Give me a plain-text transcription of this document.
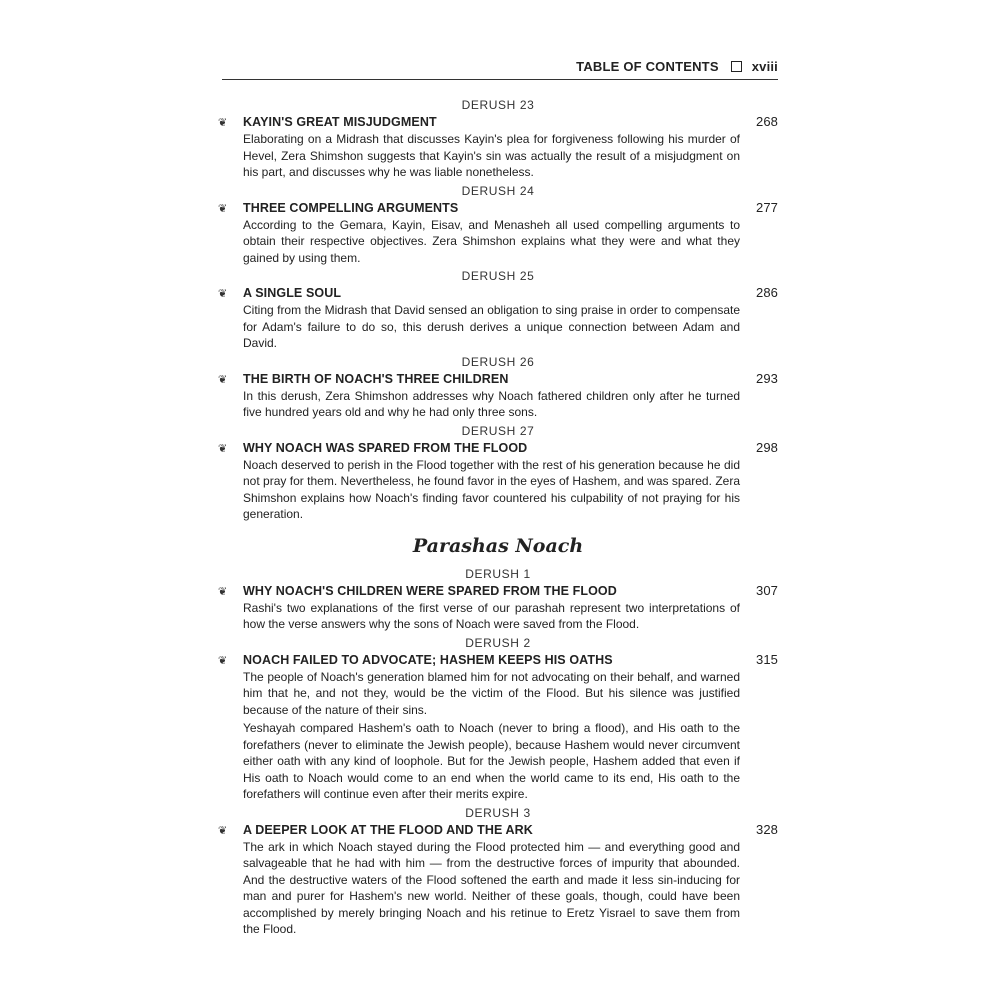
TABLE OF CONTENTS	xviii
DERUSH 23
❦	KAYIN'S GREAT MISJUDGMENT	268
Elaborating on a Midrash that discusses Kayin's plea for forgiveness following his murder of Hevel, Zera Shimshon suggests that Kayin's sin was actually the result of a misjudgment on his part, and discusses why he was liable nonetheless.
DERUSH 24
❦	THREE COMPELLING ARGUMENTS	277
According to the Gemara, Kayin, Eisav, and Menasheh all used compelling arguments to obtain their respective objectives. Zera Shimshon explains what they were and what they gained by using them.
DERUSH 25
❦	A SINGLE SOUL	286
Citing from the Midrash that David sensed an obligation to sing praise in order to compensate for Adam's failure to do so, this derush derives a unique connection between Adam and David.
DERUSH 26
❦	THE BIRTH OF NOACH'S THREE CHILDREN	293
In this derush, Zera Shimshon addresses why Noach fathered children only after he turned five hundred years old and why he had only three sons.
DERUSH 27
❦	WHY NOACH WAS SPARED FROM THE FLOOD	298
Noach deserved to perish in the Flood together with the rest of his generation because he did not pray for them. Nevertheless, he found favor in the eyes of Hashem, and was spared. Zera Shimshon explains how Noach's finding favor countered his culpability of not praying for his generation.
Parashas Noach
DERUSH 1
❦	WHY NOACH'S CHILDREN WERE SPARED FROM THE FLOOD	307
Rashi's two explanations of the first verse of our parashah represent two interpretations of how the verse answers why the sons of Noach were saved from the Flood.
DERUSH 2
❦	NOACH FAILED TO ADVOCATE; HASHEM KEEPS HIS OATHS	315
The people of Noach's generation blamed him for not advocating on their behalf, and warned him that he, and not they, would be the victim of the Flood. But his silence was justified because of the nature of their sins.
Yeshayah compared Hashem's oath to Noach (never to bring a flood), and His oath to the forefathers (never to eliminate the Jewish people), because Hashem would never circumvent either oath with any kind of loophole. But for the Jewish people, Hashem added that even if His oath to Noach would come to an end when the world came to its end, His oath to the forefathers will continue even after their merits expire.
DERUSH 3
❦	A DEEPER LOOK AT THE FLOOD AND THE ARK	328
The ark in which Noach stayed during the Flood protected him — and everything good and salvageable that he had with him — from the destructive forces of impurity that abounded. And the destructive waters of the Flood softened the earth and made it less sin-inducing for man and purer for Hashem's new world. Neither of these goals, though, could have been accomplished by merely bringing Noach and his retinue to Eretz Yisrael to save them from the Flood.
